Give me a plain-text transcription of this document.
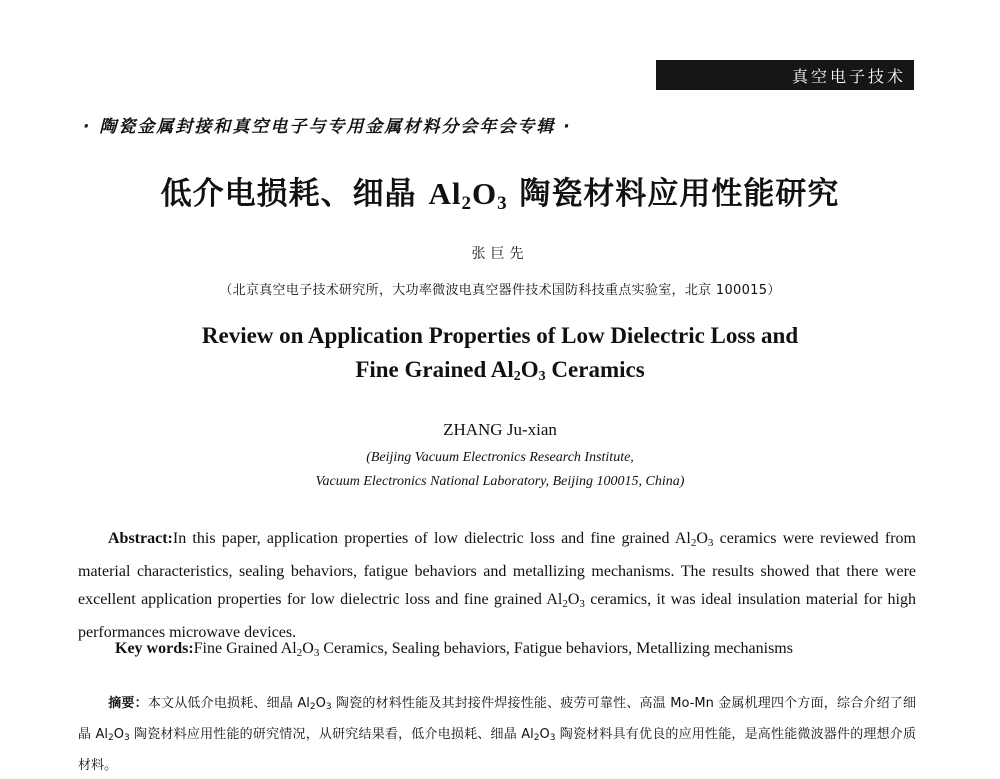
真空电子技术
· 陶瓷金属封接和真空电子与专用金属材料分会年会专辑 ·
低介电损耗、细晶 $Al_2O_3$ 陶瓷材料应用性能研究
张巨先
（北京真空电子技术研究所，大功率微波电真空器件技术国防科技重点实验室，北京 100015）
Review on Application Properties of Low Dielectric Loss and
Fine Grained $Al_2O_3$ Ceramics
ZHANG Ju-xian
(Beijing Vacuum Electronics Research Institute,
Vacuum Electronics National Laboratory, Beijing 100015, China)

Abstract:In this paper, application properties of low dielectric loss and fine grained $Al_2O_3$ ceramics were reviewed from material characteristics, sealing behaviors, fatigue behaviors and metallizing mechanisms. The results showed that there were excellent application properties for low dielectric loss and fine grained $Al_2O_3$ ceramics, it was ideal insulation material for high performances microwave devices.

Key words:Fine Grained $Al_2O_3$ Ceramics, Sealing behaviors, Fatigue behaviors, Metallizing mechanisms

摘要：本文从低介电损耗、细晶 $Al_2O_3$ 陶瓷的材料性能及其封接件焊接性能、疲劳可靠性、高温 Mo-Mn 金属机理四个方面，综合介绍了细晶 $Al_2O_3$ 陶瓷材料应用性能的研究情况，从研究结果看，低介电损耗、细晶 $Al_2O_3$ 陶瓷材料具有优良的应用性能，是高性能微波器件的理想介质材料。
